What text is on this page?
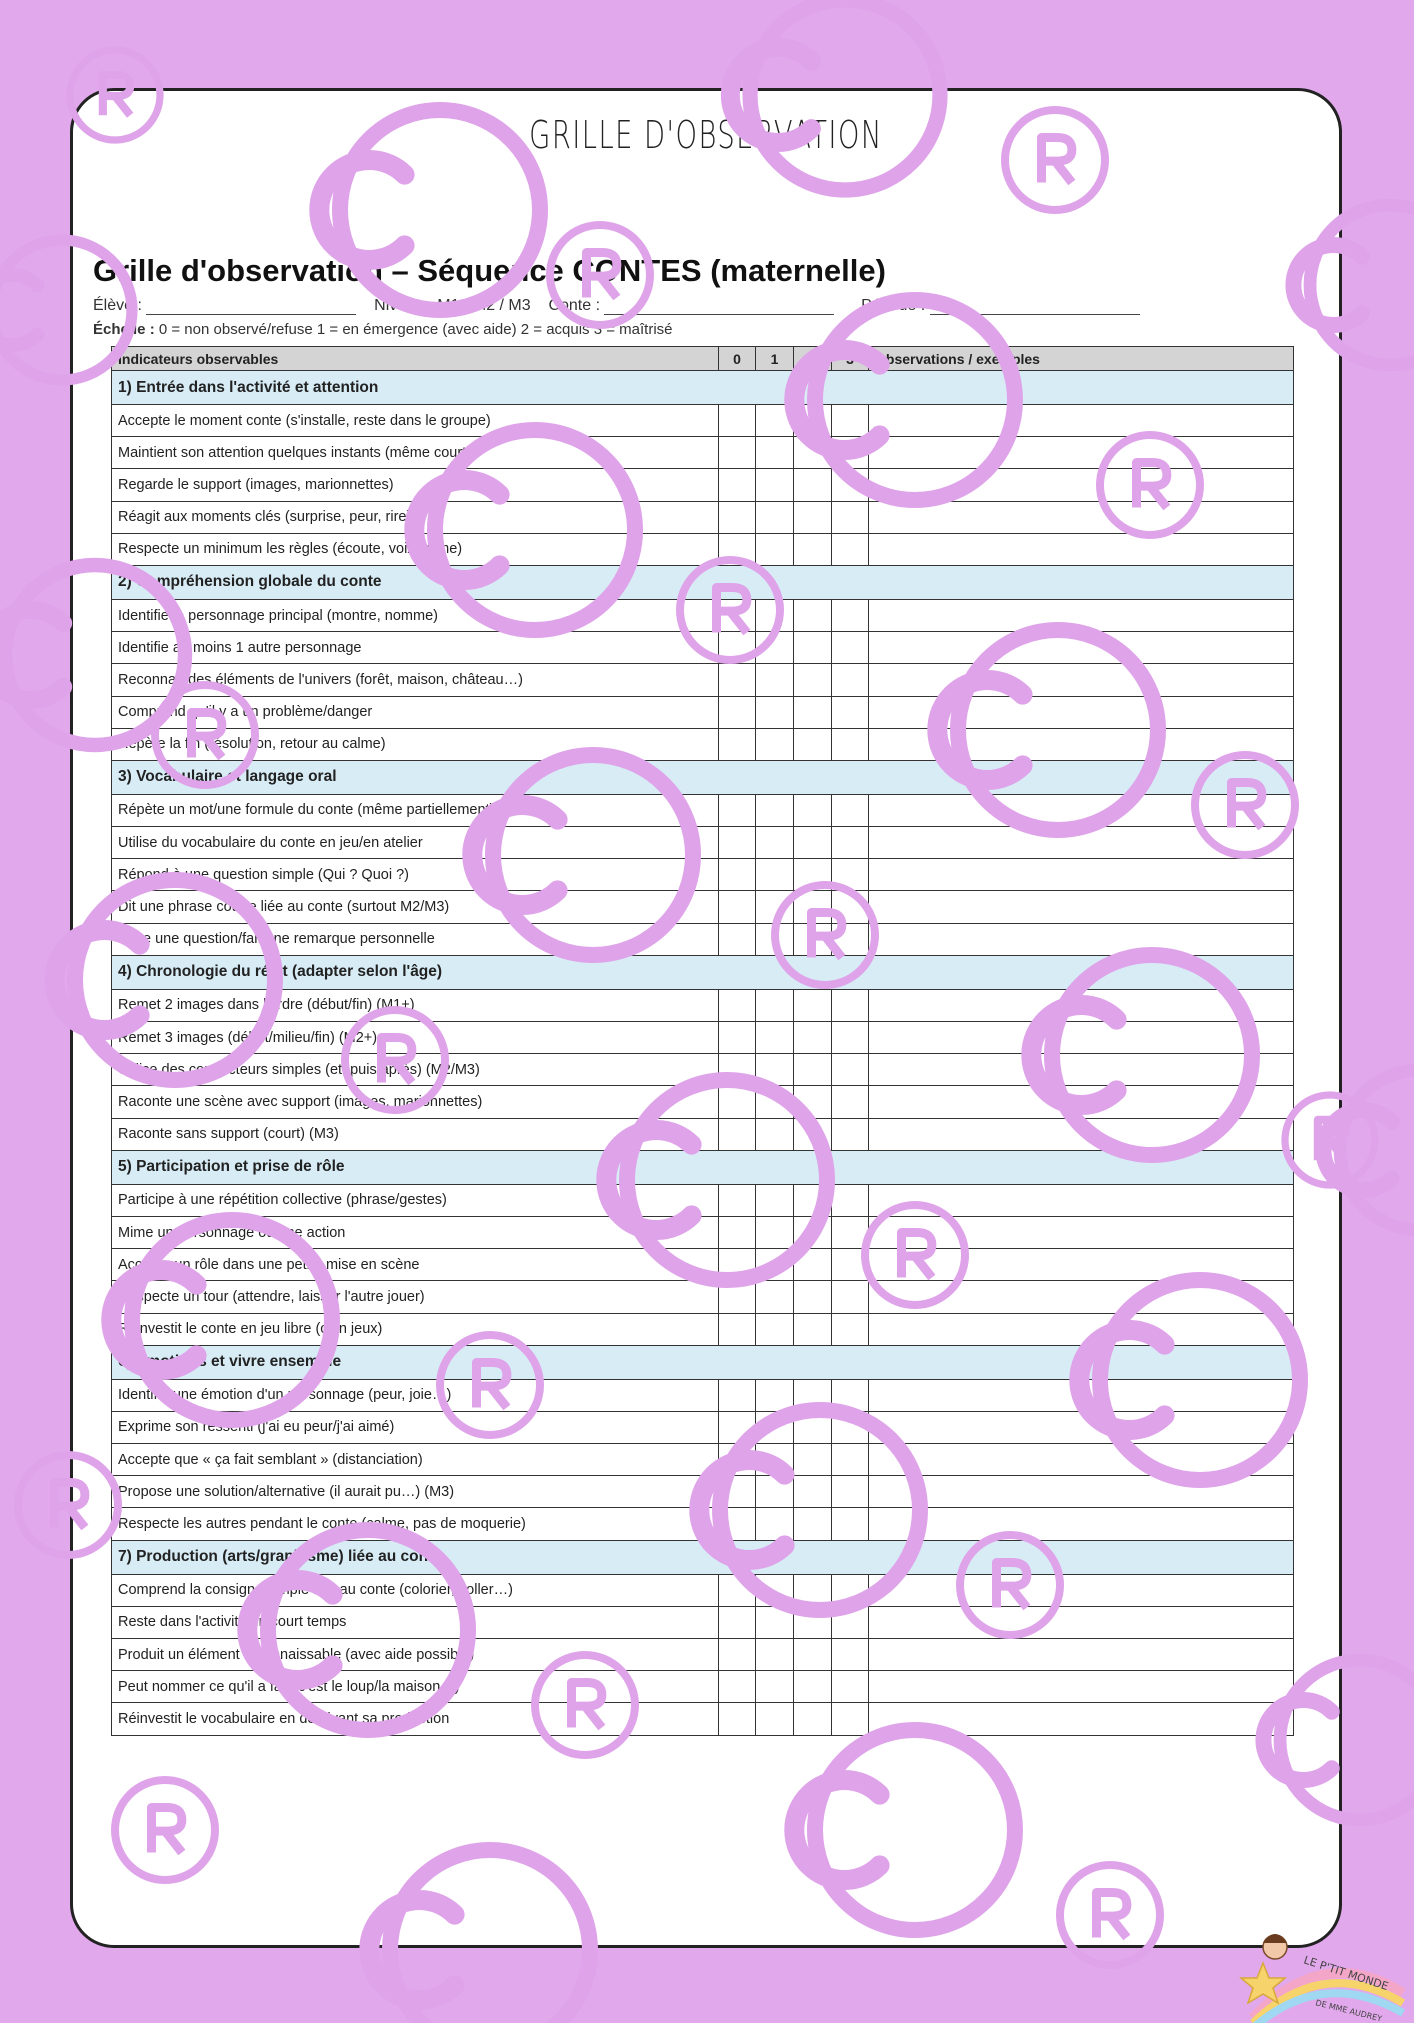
GRILLE D'OBSERVATION
Grille d'observation – Séquence CONTES (maternelle)
Élève :	Niveau : M1 / M2 / M3 Conte :	Période :
Échelle : 0 = non observé/refuse 1 = en émergence (avec aide) 2 = acquis 3 = maîtrisé
Indicateurs observables	0	1	2	3	Observations / exemples
1) Entrée dans l'activité et attention					
Accepte le moment conte (s'installe, reste dans le groupe)					
Maintient son attention quelques instants (même courts)					
Regarde le support (images, marionnettes)					
Réagit aux moments clés (surprise, peur, rire)					
Respecte un minimum les règles (écoute, voix calme)					
2) Compréhension globale du conte					
Identifie le personnage principal (montre, nomme)					
Identifie au moins 1 autre personnage					
Reconnaît des éléments de l'univers (forêt, maison, château…)					
Comprend qu'il y a un problème/danger					
Repère la fin (résolution, retour au calme)					
3) Vocabulaire et langage oral					
Répète un mot/une formule du conte (même partiellement)					
Utilise du vocabulaire du conte en jeu/en atelier					
Répond à une question simple (Qui ? Quoi ?)					
Dit une phrase courte liée au conte (surtout M2/M3)					
Pose une question/fait une remarque personnelle					
4) Chronologie du récit (adapter selon l'âge)					
Remet 2 images dans l'ordre (début/fin) (M1+)					
Remet 3 images (début/milieu/fin) (M2+)					
Utilise des connecteurs simples (et, puis/après) (M2/M3)					
Raconte une scène avec support (images, marionnettes)					
Raconte sans support (court) (M3)					
5) Participation et prise de rôle					
Participe à une répétition collective (phrase/gestes)					
Mime un personnage ou une action					
Accepte un rôle dans une petite mise en scène					
Respecte un tour (attendre, laisser l'autre jouer)					
Réinvestit le conte en jeu libre (coin jeux)					
6) Émotions et vivre ensemble					
Identifie une émotion d'un personnage (peur, joie…)					
Exprime son ressenti (j'ai eu peur/j'ai aimé)					
Accepte que « ça fait semblant » (distanciation)					
Propose une solution/alternative (il aurait pu…) (M3)					
Respecte les autres pendant le conte (calme, pas de moquerie)					
7) Production (arts/graphisme) liée au conte					
Comprend la consigne simple liée au conte (colorier, coller…)					
Reste dans l'activité un court temps					
Produit un élément reconnaissable (avec aide possible)					
Peut nommer ce qu'il a fait (c'est le loup/la maison…)					
Réinvestit le vocabulaire en décrivant sa production					
LE P'TIT MONDE
DE MME AUDREY
